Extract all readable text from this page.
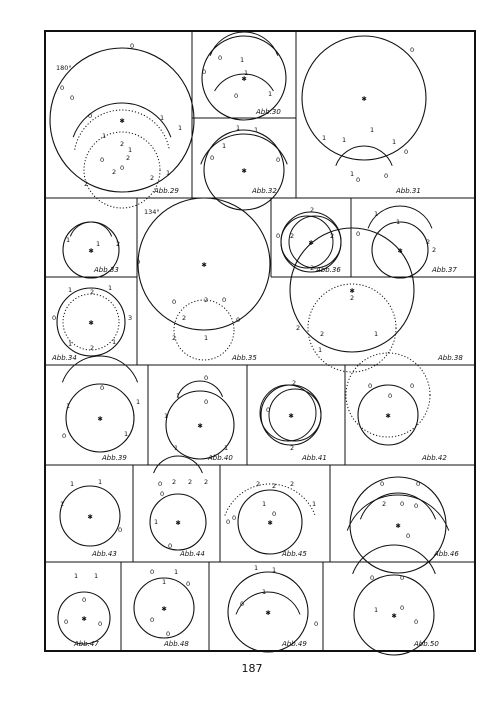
✱
180°
0
0
0	1
1
1
2
2
2
2
2
1
0
1
0
0
Abb.29
✱
0	1
1
0
0	1
Abb.30
✱
0
1
1	1
0
1	0
1
0
Abb.31
✱
1 1
1
0	0
Abb.32
✱
1	1 2
Abb.33
✱
1	2 1
0	3
1	2
1
Abb.34
✱
134°
0
0	2 0
2	0
1
2
Abb.35
✱
2
0 2	2
2 Abb.36
✱
1
0
1
2
2
Abb.37
✱
2
2
2	1
1
Abb.38
✱
0
1	1
0	1
Abb.39
✱
0
1
0
1
1	1
Abb.40
✱
2
0
2
Abb.41
✱
0	0
0
Abb.42
✱
1	1
1
0
Abb.43
✱
0 2 2 2
0
1
0
Abb.44
✱
2 2 2
0
1
0
1
0
Abb.45
✱
0	0
2 0 0
0
Abb.46
✱
1 1
0
0	0
Abb.47
✱
0	1
1	0
0
0
Abb.48
✱
1 1
1
0
0
Abb.49
✱
0	0
0
0
1
Abb.50
187
